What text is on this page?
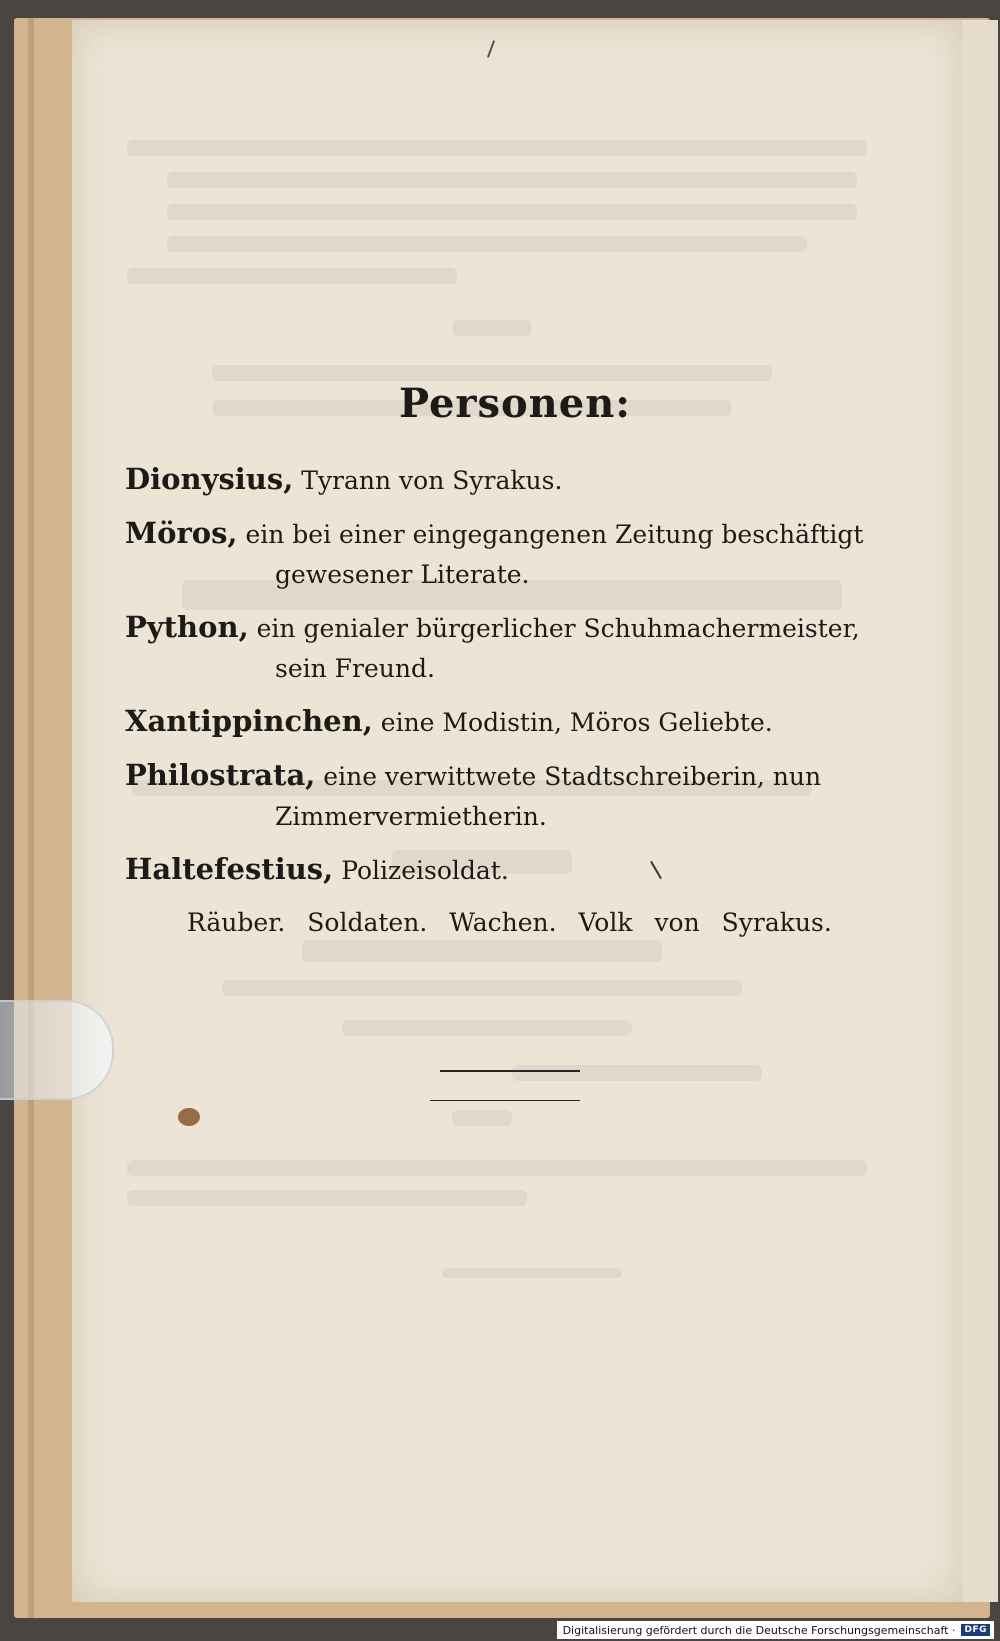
Personen:
Dionysius, Tyrann von Syrakus.
Möros, ein bei einer eingegangenen Zeitung beschäftigt
gewesener Literate.
Python, ein genialer bürgerlicher Schuhmachermeister,
sein Freund.
Xantippinchen, eine Modistin, Möros Geliebte.
Philostrata, eine verwittwete Stadtschreiberin, nun
Zimmervermietherin.
Haltefestius, Polizeisoldat.
Räuber. Soldaten. Wachen. Volk von Syrakus.
Digitalisierung gefördert durch die Deutsche Forschungsgemeinschaft ·	DFG
